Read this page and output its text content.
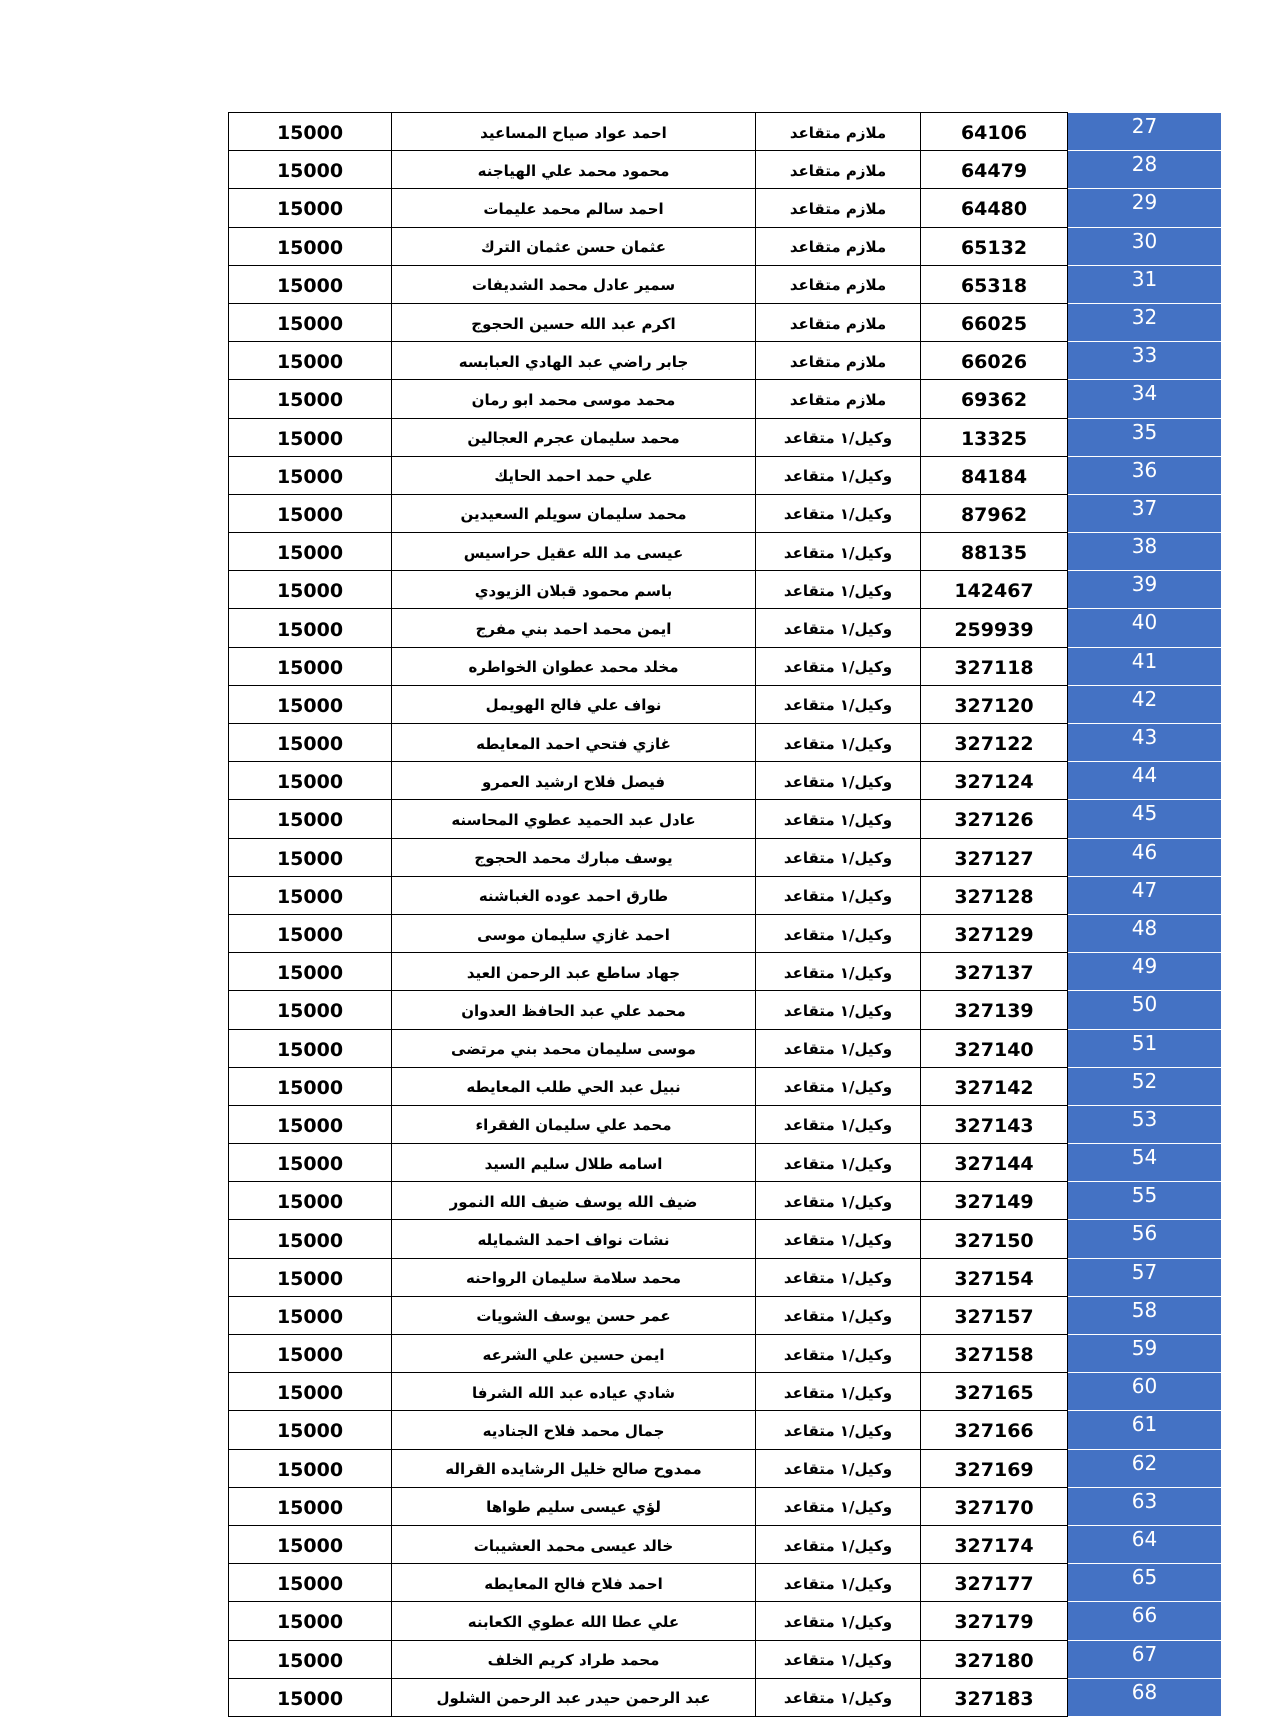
15000	احمد عواد صياح المساعيد	ملازم متقاعد	64106	27
15000	محمود محمد علي الهياجنه	ملازم متقاعد	64479	28
15000	احمد سالم محمد عليمات	ملازم متقاعد	64480	29
15000	عثمان حسن عثمان الترك	ملازم متقاعد	65132	30
15000	سمير عادل محمد الشديفات	ملازم متقاعد	65318	31
15000	اكرم عبد الله حسين الحجوج	ملازم متقاعد	66025	32
15000	جابر راضي عبد الهادي العبابسه	ملازم متقاعد	66026	33
15000	محمد موسى محمد ابو رمان	ملازم متقاعد	69362	34
15000	محمد سليمان عجرم العجالين	وكيل/١ متقاعد	13325	35
15000	علي حمد احمد الحايك	وكيل/١ متقاعد	84184	36
15000	محمد سليمان سويلم السعيدين	وكيل/١ متقاعد	87962	37
15000	عيسى مد الله عقيل حراسيس	وكيل/١ متقاعد	88135	38
15000	باسم محمود قبلان الزيودي	وكيل/١ متقاعد	142467	39
15000	ايمن محمد احمد بني مفرج	وكيل/١ متقاعد	259939	40
15000	مخلد محمد عطوان الخواطره	وكيل/١ متقاعد	327118	41
15000	نواف علي فالح الهويمل	وكيل/١ متقاعد	327120	42
15000	غازي فتحي احمد المعايطه	وكيل/١ متقاعد	327122	43
15000	فيصل فلاح ارشيد العمرو	وكيل/١ متقاعد	327124	44
15000	عادل عبد الحميد عطوي المحاسنه	وكيل/١ متقاعد	327126	45
15000	يوسف مبارك محمد الحجوج	وكيل/١ متقاعد	327127	46
15000	طارق احمد عوده الغباشنه	وكيل/١ متقاعد	327128	47
15000	احمد غازي سليمان موسى	وكيل/١ متقاعد	327129	48
15000	جهاد ساطع عبد الرحمن العيد	وكيل/١ متقاعد	327137	49
15000	محمد علي عبد الحافظ العدوان	وكيل/١ متقاعد	327139	50
15000	موسى سليمان محمد بني مرتضى	وكيل/١ متقاعد	327140	51
15000	نبيل عبد الحي طلب المعايطه	وكيل/١ متقاعد	327142	52
15000	محمد علي سليمان الفقراء	وكيل/١ متقاعد	327143	53
15000	اسامه طلال سليم السيد	وكيل/١ متقاعد	327144	54
15000	ضيف الله يوسف ضيف الله النمور	وكيل/١ متقاعد	327149	55
15000	نشات نواف احمد الشمايله	وكيل/١ متقاعد	327150	56
15000	محمد سلامة سليمان الرواحنه	وكيل/١ متقاعد	327154	57
15000	عمر حسن يوسف الشويات	وكيل/١ متقاعد	327157	58
15000	ايمن حسين علي الشرعه	وكيل/١ متقاعد	327158	59
15000	شادي عياده عبد الله الشرفا	وكيل/١ متقاعد	327165	60
15000	جمال محمد فلاح الجناديه	وكيل/١ متقاعد	327166	61
15000	ممدوح صالح خليل الرشايده القراله	وكيل/١ متقاعد	327169	62
15000	لؤي عيسى سليم طواها	وكيل/١ متقاعد	327170	63
15000	خالد عيسى محمد العشيبات	وكيل/١ متقاعد	327174	64
15000	احمد فلاح فالح المعايطه	وكيل/١ متقاعد	327177	65
15000	علي عطا الله عطوي الكعابنه	وكيل/١ متقاعد	327179	66
15000	محمد طراد كريم الخلف	وكيل/١ متقاعد	327180	67
15000	عبد الرحمن حيدر عبد الرحمن الشلول	وكيل/١ متقاعد	327183	68
